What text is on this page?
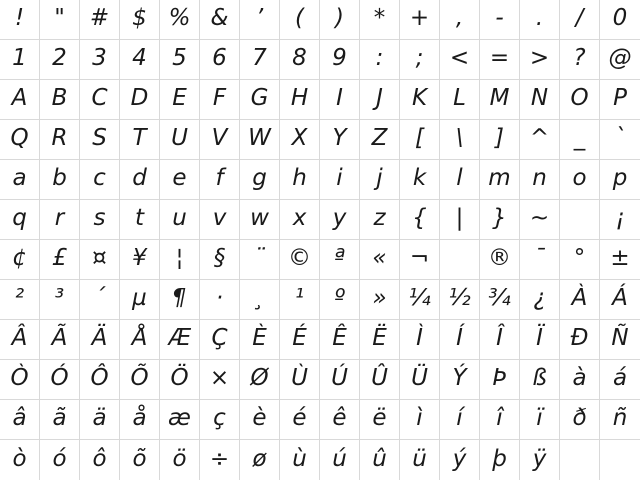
! " # $ % & ’ ( ) * + , - . / 0
1 2 3 4 5 6 7 8 9 : ; < = > ? @
A B C D E F G H I J K L M N O P
Q R S T U V W X Y Z [ \ ] ^ _ `
a b c d e f g h i j k l m n o p
q r s t u v w x y z { | } ~	¡
¢ £ ¤ ¥ ¦ § ¨ © ª « ¬	® ¯ ° ±
² ³ ´ µ ¶ · ¸ ¹ º » ¼ ½ ¾ ¿ À Á
Â Ã Ä Å Æ Ç È É Ê Ë Ì Í Î Ï Ð Ñ
Ò Ó Ô Õ Ö × Ø Ù Ú Û Ü Ý Þ ß à á
â ã ä å æ ç è é ê ë ì í î ï ð ñ
ò ó ô õ ö ÷ ø ù ú û ü ý þ ÿ
